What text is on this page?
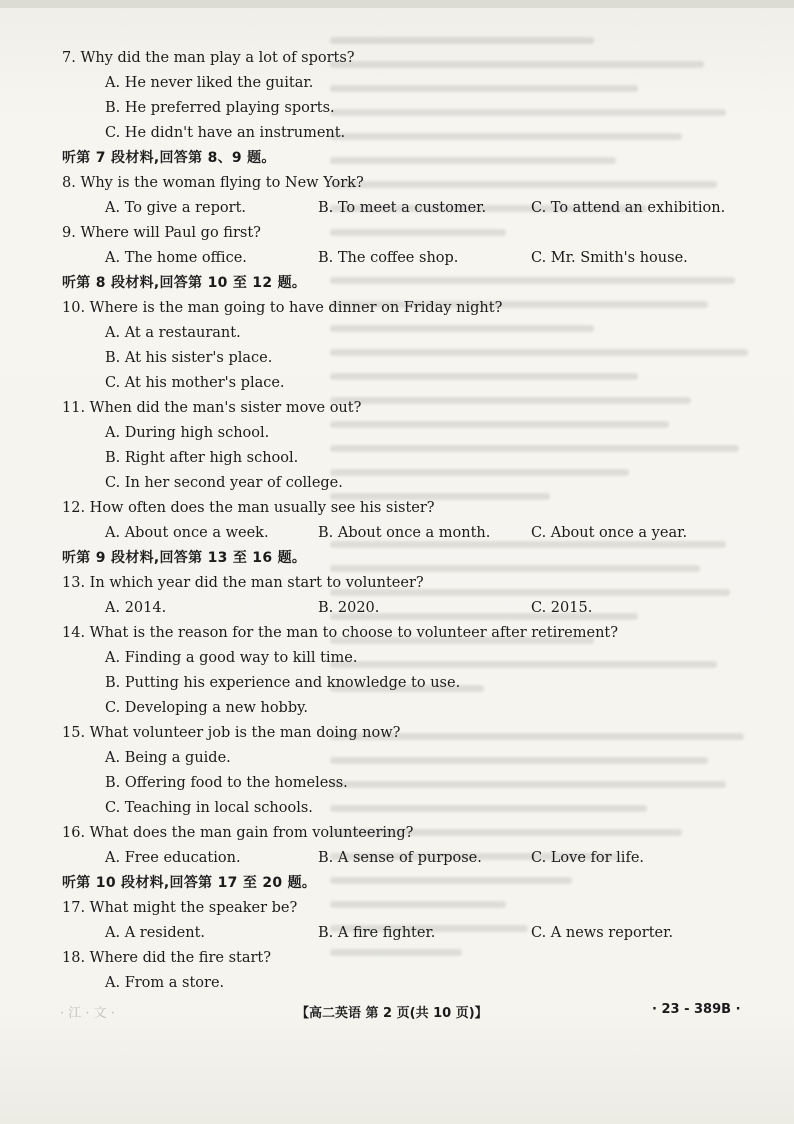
7. Why did the man play a lot of sports?
A. He never liked the guitar.
B. He preferred playing sports.
C. He didn't have an instrument.
听第 7 段材料,回答第 8、9 题。
8. Why is the woman flying to New York?
A. To give a report.	B. To meet a customer.	C. To attend an exhibition.
9. Where will Paul go first?
A. The home office.	B. The coffee shop.	C. Mr. Smith's house.
听第 8 段材料,回答第 10 至 12 题。
10. Where is the man going to have dinner on Friday night?
A. At a restaurant.
B. At his sister's place.
C. At his mother's place.
11. When did the man's sister move out?
A. During high school.
B. Right after high school.
C. In her second year of college.
12. How often does the man usually see his sister?
A. About once a week.	B. About once a month.	C. About once a year.
听第 9 段材料,回答第 13 至 16 题。
13. In which year did the man start to volunteer?
A. 2014.	B. 2020.	C. 2015.
14. What is the reason for the man to choose to volunteer after retirement?
A. Finding a good way to kill time.
B. Putting his experience and knowledge to use.
C. Developing a new hobby.
15. What volunteer job is the man doing now?
A. Being a guide.
B. Offering food to the homeless.
C. Teaching in local schools.
16. What does the man gain from volunteering?
A. Free education.	B. A sense of purpose.	C. Love for life.
听第 10 段材料,回答第 17 至 20 题。
17. What might the speaker be?
A. A resident.	B. A fire fighter.	C. A news reporter.
18. Where did the fire start?
A. From a store.
· 江 · 文 ·	【高二英语 第 2 页(共 10 页)】	· 23 - 389B ·
